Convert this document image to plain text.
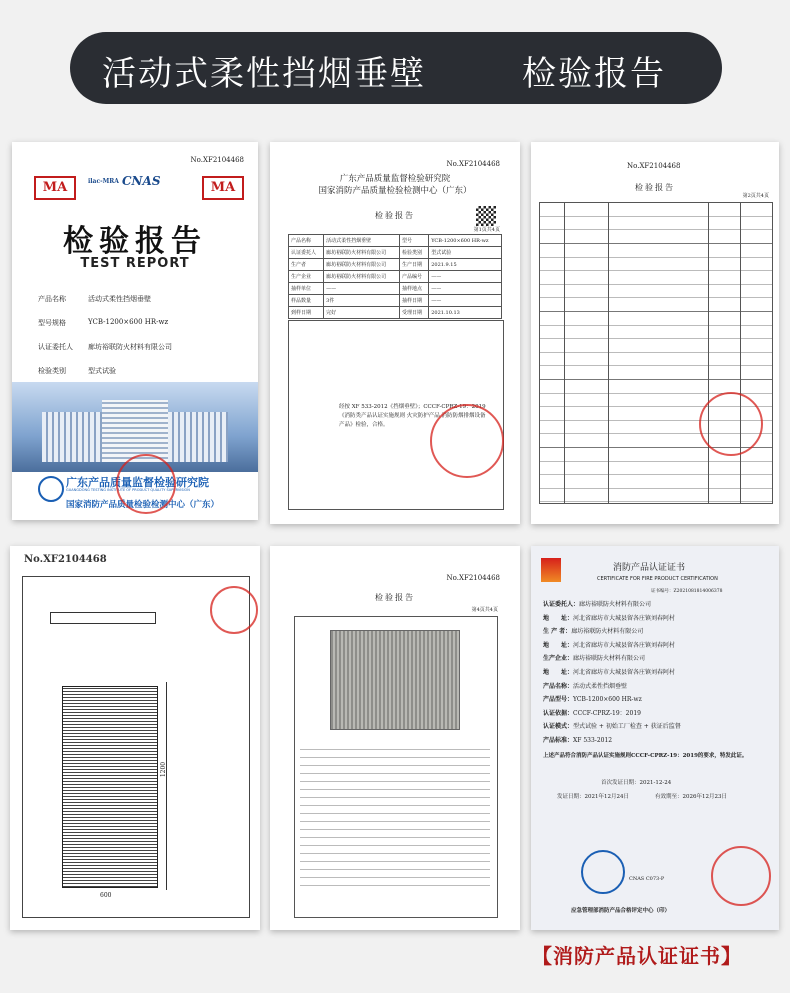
活动式柔性挡烟垂壁	检验报告
No.XF2104468
MA	ilac-MRA CNAS	MA
检验报告
TEST REPORT
产品名称	活动式柔性挡烟垂壁
型号规格	YCB-1200×600 HR-wz
认证委托人	廊坊裕联防火材料有限公司
检验类别	型式试验
广东产品质量监督检验研究院
GUANGDONG TESTING INSTITUTE OF PRODUCT QUALITY SUPERVISION
国家消防产品质量检验检测中心（广东）
No.XF2104468
广东产品质量监督检验研究院
国家消防产品质量检验检测中心（广东）
检验报告
第1页共4页
产品名称	活动式柔性挡烟垂壁	型号	YCB-1200×600 HR-wz
认证委托人	廊坊裕联防火材料有限公司	检验类别	型式试验
生产者	廊坊裕联防火材料有限公司	生产日期	2021.9.15
生产企业	廊坊裕联防火材料有限公司	产品编号	——
抽样单位	——	抽样地点	——
样品数量	3件	抽样日期	——
到样日期	完好	受理日期	2021.10.13
经按 XF 533-2012《挡烟垂壁》；CCCF-CPRZ-19：2019《消防类产品认证实施规则 火灾防护产品 消防防烟排烟设备产品》检验，合格。
No.XF2104468
检验报告
第2页共4页
No.XF2104468
1200
600
No.XF2104468
检验报告
第4页共4页
消防产品认证证书
CERTIFICATE FOR FIRE PRODUCT CERTIFICATION
证书编号：Z2021081814006378
认证委托人：廊坊裕联防火材料有限公司
地　　址：河北省廊坊市大城县留各庄镇刘春阿村
生 产 者：廊坊裕联防火材料有限公司
地　　址：河北省廊坊市大城县留各庄镇刘春阿村
生产企业：廊坊裕联防火材料有限公司
地　　址：河北省廊坊市大城县留各庄镇刘春阿村
产品名称：活动式柔性挡烟垂壁
产品型号：YCB-1200×600 HR-wz
认证依据：CCCF-CPRZ-19：2019
认证模式：型式试验 + 初始工厂检查 + 获证后监督
产品标准：XF 533-2012
上述产品符合消防产品认证实施规则CCCF-CPRZ-19：2019的要求，特发此证。
首次发证日期：2021-12-24
发证日期：2021年12月24日	有效期至：2026年12月23日
CNAS C073-P
应急管理部消防产品合格评定中心（印）
【消防产品认证证书】
